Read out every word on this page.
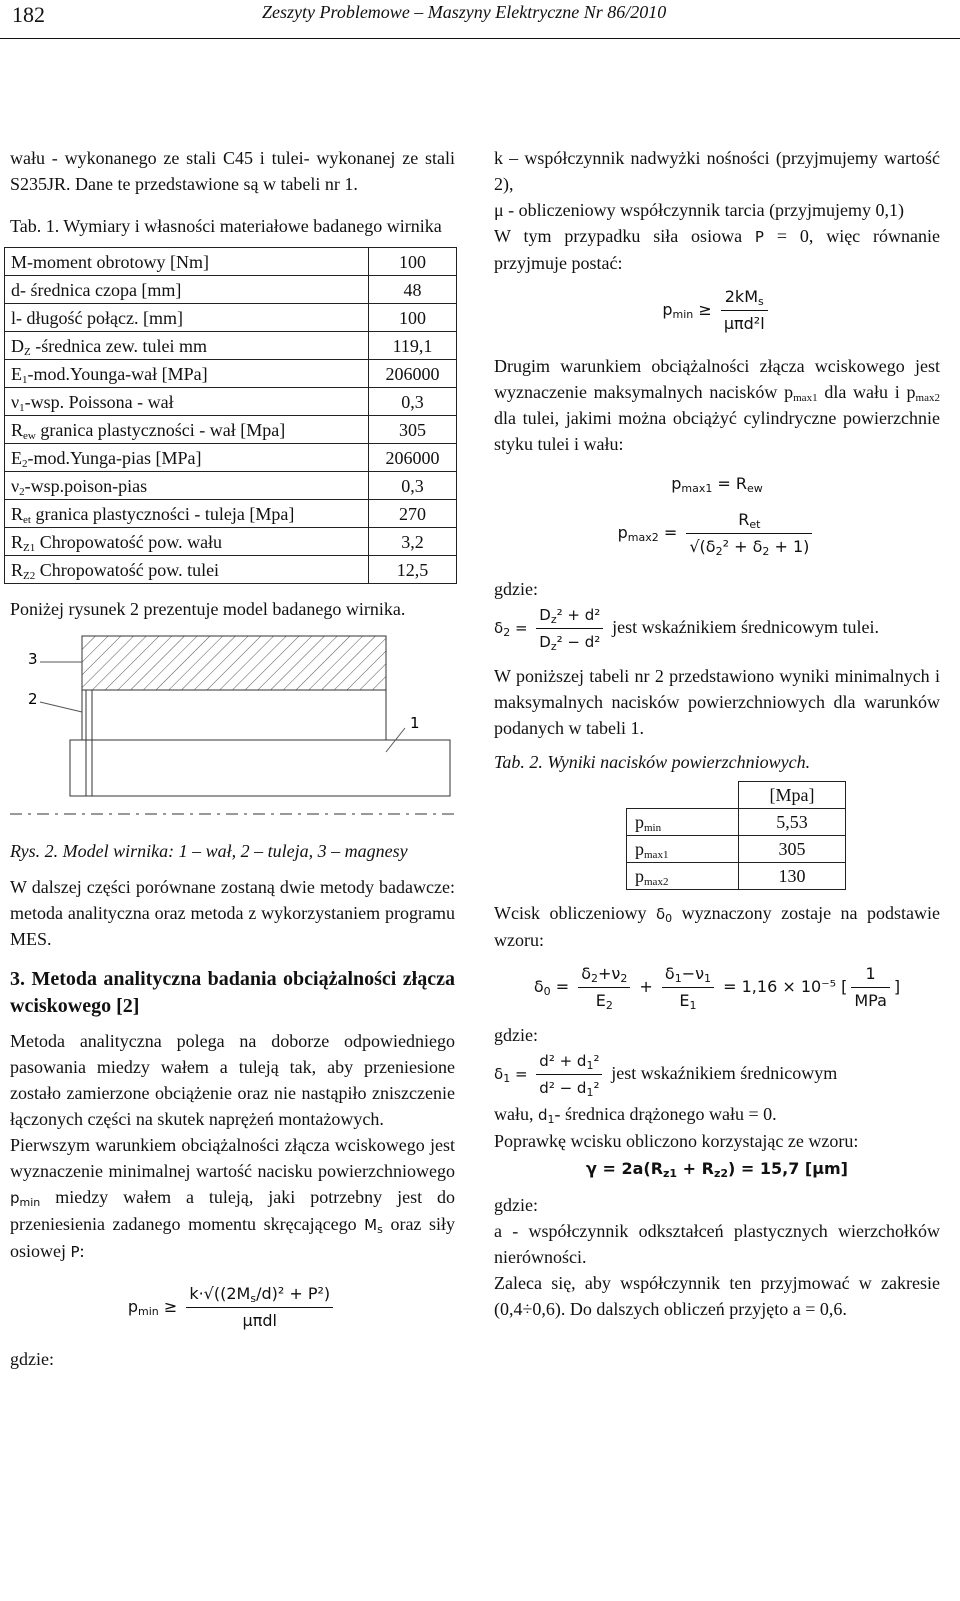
182	Zeszyty Problemowe – Maszyny Elektryczne Nr 86/2010

wału - wykonanego ze stali C45 i tulei- wykonanej ze stali S235JR. Dane te przedstawione są w tabeli nr 1.

Tab. 1. Wymiary i własności materiałowe badanego wirnika

M-moment obrotowy [Nm]	100
d- średnica czopa [mm]	48
l- długość połącz. [mm]	100
$D_Z$ -średnica zew. tulei mm	119,1
$E_1-mod.Younga$-wał [MPa]	206000
$\nu_1$-wsp. Poissona - wał	0,3
$R_{ew}$ granica plastyczności - wał [Mpa]	305
$E_2-mod.Yunga$-pias [MPa]	206000
$\nu_2-wsp.poison$-pias	0,3
$R_{et}$ granica plastyczności - tuleja [Mpa]	270
$R_{Z1}$ Chropowatość pow. wału	3,2
$R_{Z2}$ Chropowatość pow. tulei	12,5

Poniżej rysunek 2 prezentuje model badanego wirnika.

3
2
1

Rys. 2. Model wirnika: 1 – wał, 2 – tuleja, 3 – magnesy

W dalszej części porównane zostaną dwie metody badawcze: metoda analityczna oraz metoda z wykorzystaniem programu MES.

3. Metoda analityczna badania obciążalności złącza wciskowego [2]

Metoda analityczna polega na doborze odpowiedniego pasowania miedzy wałem a tuleją tak, aby przeniesione zostało zamierzone obciążenie oraz nie nastąpiło zniszczenie łączonych części na skutek naprężeń montażowych.

Pierwszym warunkiem obciążalności złącza wciskowego jest wyznaczenie minimalnej wartość nacisku powierzchniowego $p_{min}$ miedzy wałem a tuleją, jaki potrzebny jest do przeniesienia zadanego momentu skręcającego $M_s$ oraz siły osiowej P:

$p_{min} \ge \frac{k\cdot√((2M_s/d)^2 + P^2)}{\text{μπdl}}$

gdzie:

k – współczynnik nadwyżki nośności (przyjmujemy wartość 2),

μ - obliczeniowy współczynnik tarcia (przyjmujemy 0,1)

W tym przypadku siła osiowa P = 0, więc równanie przyjmuje postać:

$p_{min} \ge \frac{2kM_s}{\text{μπd²l}}$

Drugim warunkiem obciążalności złącza wciskowego jest wyznaczenie maksymalnych nacisków $p_{max1}$ dla wału i $p_{max2}$ dla tulei, jakimi można obciążyć cylindryczne powierzchnie styku tulei i wału:

$p_{max1} = R_{ew}$
$p_{max2} = \frac{R_{et}}{√(\delta_2^2 + \delta_2 + 1)}$

gdzie:

$\delta_2 = \frac{D_z^2 + d^2}{D_z^2 - d^2}$ jest wskaźnikiem średnicowym tulei.

W poniższej tabeli nr 2 przedstawiono wyniki minimalnych i maksymalnych nacisków powierzchniowych dla warunków podanych w tabeli 1.

Tab. 2. Wyniki nacisków powierzchniowych.

	[Mpa]
$p_{min}$	5,53
$p_{max1}$	305
$p_{max2}$	130

Wcisk obliczeniowy $\delta_0$ wyznaczony zostaje na podstawie wzoru:

$\delta_0 = \frac{\delta_2+\nu_2}{E_2} + \frac{\delta_1-\nu_1}{E_1} = 1,16 \times 10^{-5}$ [ $\frac{1}{\text{MPa}}$ ]

gdzie:

$\delta_1 = \frac{d^2 + d_1^2}{d^2 - d_1^2}$ jest wskaźnikiem średnicowym

wału, $d_1-$ średnica drążonego wału = 0.

Poprawkę wcisku obliczono korzystając ze wzoru:

$\gamma = 2a(R_{z1} + R_{z2}) = 15,7$ [μm]

gdzie:

a - współczynnik odkształceń plastycznych wierzchołków nierówności.

Zaleca się, aby współczynnik ten przyjmować w zakresie (0,4÷0,6). Do dalszych obliczeń przyjęto a = 0,6.
